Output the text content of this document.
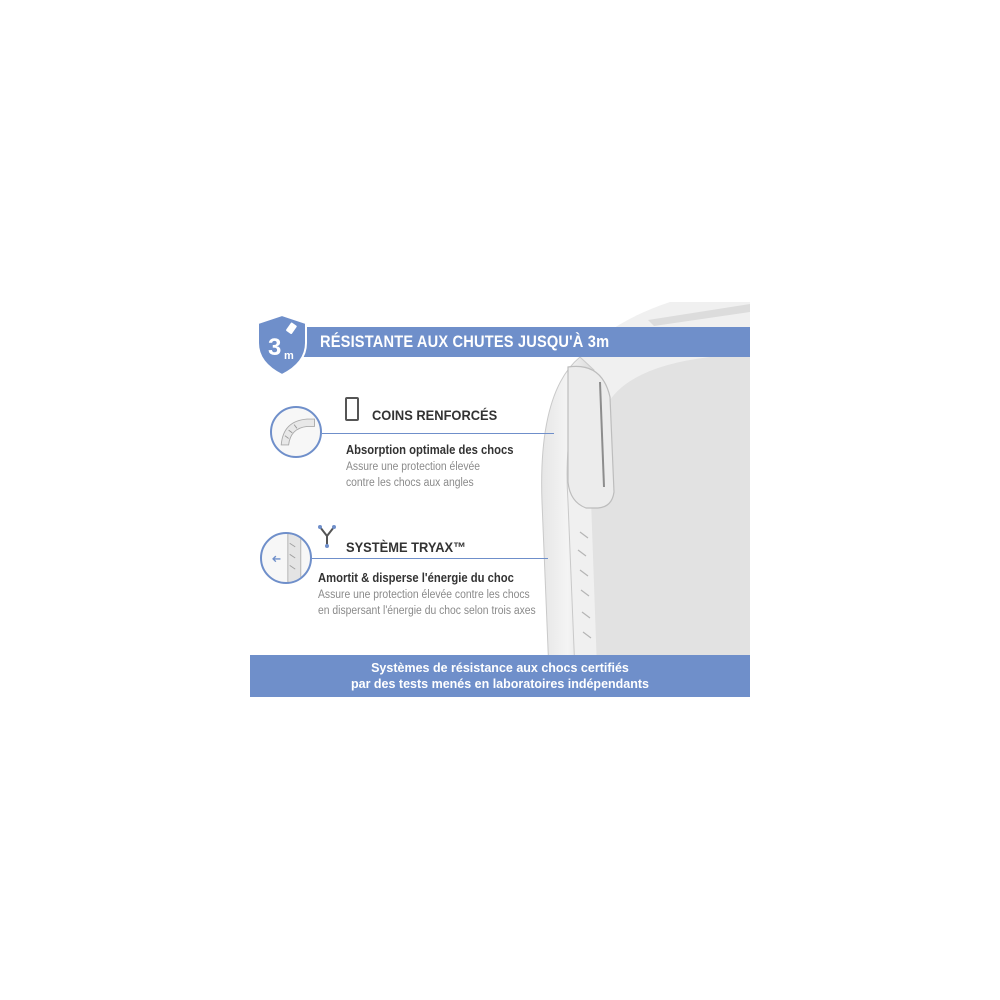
RÉSISTANTE AUX CHUTES JUSQU'À 3m
3 m
COINS RENFORCÉS
Absorption optimale des chocs
Assure une protection élevée
contre les chocs aux angles
SYSTÈME TRYAX™
Amortit & disperse l'énergie du choc
Assure une protection élevée contre les chocs
en dispersant l'énergie du choc selon trois axes
Systèmes de résistance aux chocs certifiés
par des tests menés en laboratoires indépendants
